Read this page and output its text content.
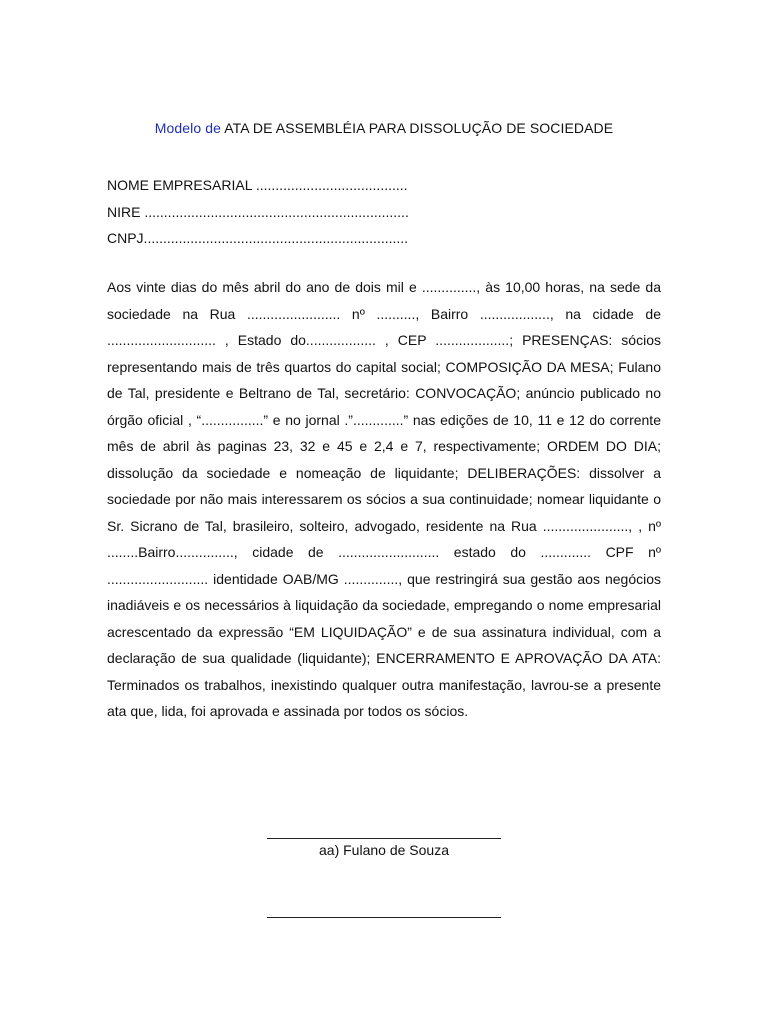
Modelo de ATA DE ASSEMBLÉIA PARA DISSOLUÇÃO DE SOCIEDADE
NOME EMPRESARIAL .......................................
NIRE ....................................................................
CNPJ....................................................................
Aos vinte dias do mês abril do ano de dois mil e .............., às 10,00 horas, na sede da sociedade na Rua ........................ nº .........., Bairro .................., na cidade de ............................ , Estado do.................. , CEP ...................; PRESENÇAS: sócios representando mais de três quartos do capital social; COMPOSIÇÃO DA MESA; Fulano de Tal, presidente e Beltrano de Tal, secretário: CONVOCAÇÃO; anúncio publicado no órgão oficial , “................” e no jornal .”.............” nas edições de 10, 11 e 12 do corrente mês de abril às paginas 23, 32 e 45 e 2,4 e 7, respectivamente; ORDEM DO DIA; dissolução da sociedade e nomeação de liquidante; DELIBERAÇÕES: dissolver a sociedade por não mais interessarem os sócios a sua continuidade; nomear liquidante o Sr. Sicrano de Tal, brasileiro, solteiro, advogado, residente na Rua ......................, , nº ........Bairro..............., cidade de .......................... estado do ............. CPF nº .......................... identidade OAB/MG .............., que restringirá sua gestão aos negócios inadiáveis e os necessários à liquidação da sociedade, empregando o nome empresarial acrescentado da expressão “EM LIQUIDAÇÃO” e de sua assinatura individual, com a declaração de sua qualidade (liquidante); ENCERRAMENTO E APROVAÇÃO DA ATA: Terminados os trabalhos, inexistindo qualquer outra manifestação, lavrou-se a presente ata que, lida, foi aprovada e assinada por todos os sócios.
aa) Fulano de Souza
